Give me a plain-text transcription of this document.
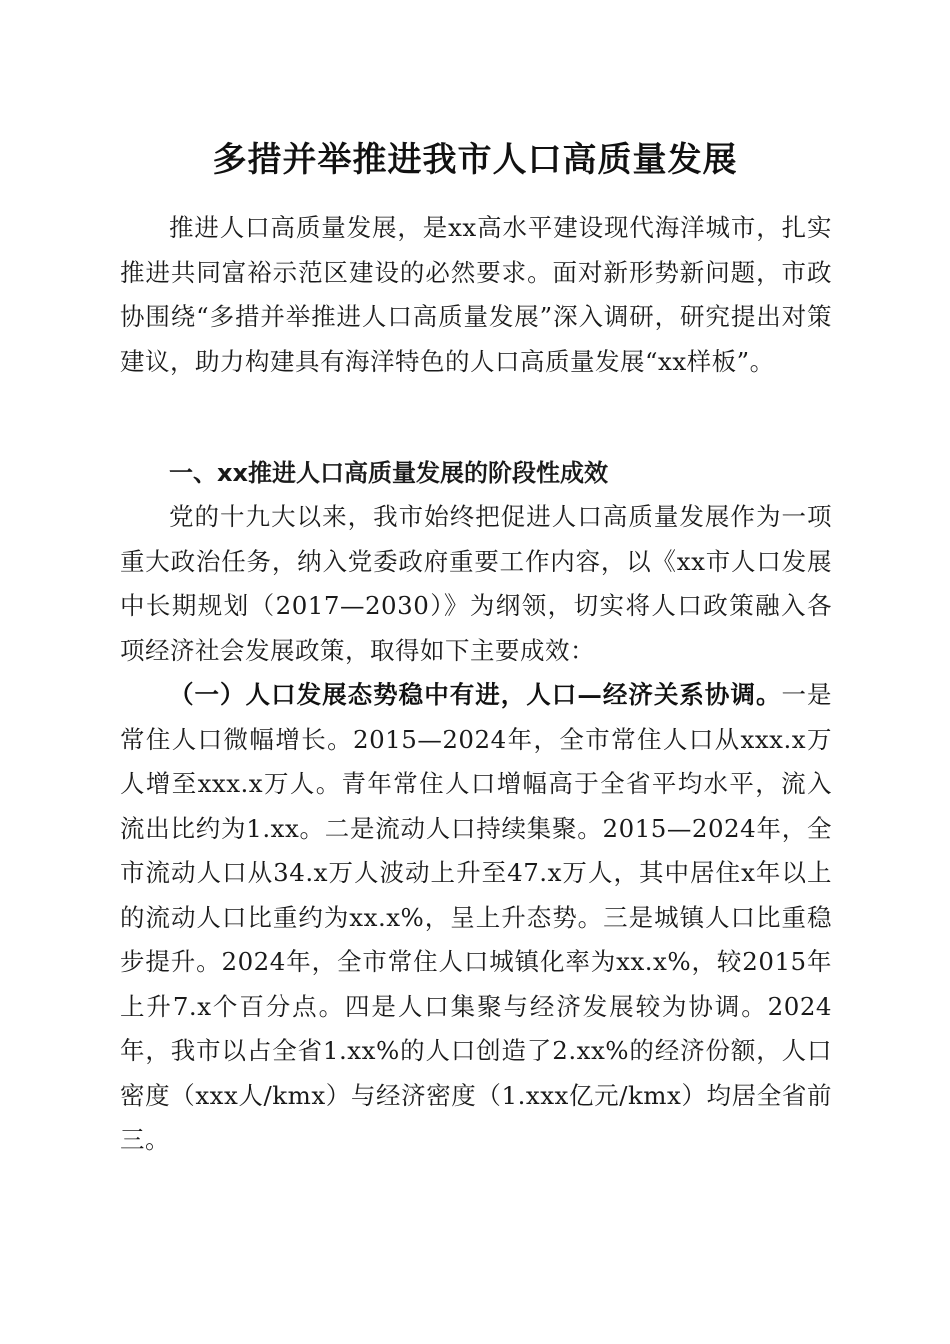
多措并举推进我市人口高质量发展

推进人口高质量发展，是xx高水平建设现代海洋城市，扎实推进共同富裕示范区建设的必然要求。面对新形势新问题，市政协围绕“多措并举推进人口高质量发展”深入调研，研究提出对策建议，助力构建具有海洋特色的人口高质量发展“xx样板”。

一、xx推进人口高质量发展的阶段性成效

党的十九大以来，我市始终把促进人口高质量发展作为一项重大政治任务，纳入党委政府重要工作内容，以《xx市人口发展中长期规划（2017—2030）》为纲领，切实将人口政策融入各项经济社会发展政策，取得如下主要成效：

（一）人口发展态势稳中有进，人口—经济关系协调。一是常住人口微幅增长。2015—2024年，全市常住人口从xxx.x万人增至xxx.x万人。青年常住人口增幅高于全省平均水平，流入流出比约为1.xx。二是流动人口持续集聚。2015—2024年，全市流动人口从34.x万人波动上升至47.x万人，其中居住x年以上的流动人口比重约为xx.x%，呈上升态势。三是城镇人口比重稳步提升。2024年，全市常住人口城镇化率为xx.x%，较2015年上升7.x个百分点。四是人口集聚与经济发展较为协调。2024年，我市以占全省1.xx%的人口创造了2.xx%的经济份额，人口密度（xxx人/kmx）与经济密度（1.xxx亿元/kmx）均居全省前三。
